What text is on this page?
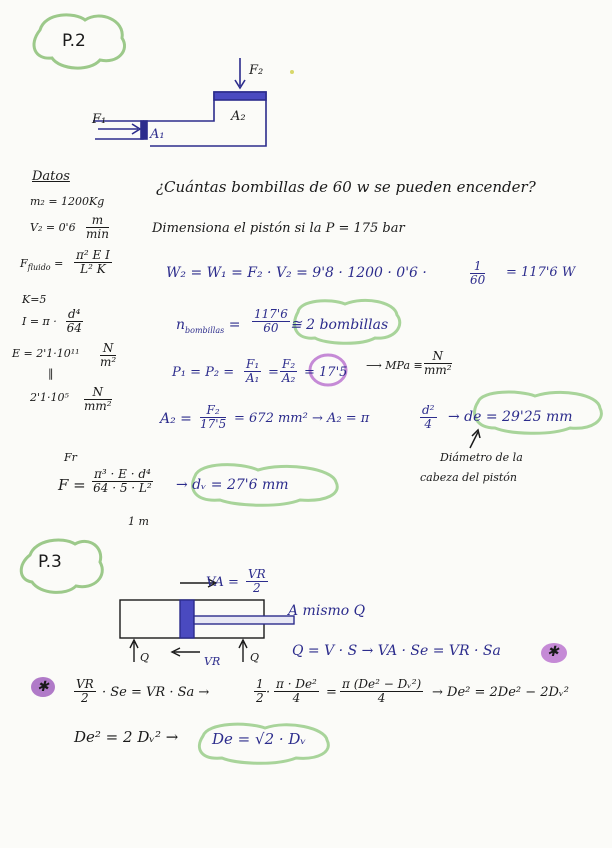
P.2
F₂
F₁
A₁
A₂
Datos
m₂ = 1200Kg
V₂ = 0'6
m
min
$F_{fluido} = \frac{\text{π² E I}}{\text{L² K}}$
K=5
$I = \pi \cdot \frac{\text{d⁴}}{64}$
$E = 2'1\cdot 10^{11} \frac{N}{\text{m²}}$
‖
$2'1\cdot 10^5 \frac{N}{\text{mm²}}$
¿Cuántas bombillas de 60 w se pueden encender?
Dimensiona el pistón si la P = 175 bar
W₂ = W₁ = F₂ · V₂ = 9'8 · 1200 · 0'6 ·	$\frac{1}{60} = 117'6$ W
$n_{bombillas} = \frac{117'6}{60}$ ≅ 2 bombillas
$P_1 = P_2 = \frac{\text{F₁}}{\text{A₁}} = \frac{\text{F₂}}{\text{A₂}} = 17'5$ ⟶ MPa ≡ $\frac{N}{\text{mm²}}$
$A_2 = \frac{\text{F₂}}{17'5} = 672$ mm² → A₂ = π	$\frac{\text{d²}}{4}$ → de = 29'25 mm
Diámetro de la
cabeza del pistón
Fr
$F = \frac{\text{π³ · E · d⁴}}{\text{64 · 5 · L²}}$ → dᵥ = 27'6 mm
1 m
P.3
VA = $\frac{VR}{2}$
VR
Q	Q
A mismo Q
Q = V · S → VA · Se = VR · Sa	✱
✱ $\frac{VR}{2} \cdot Se$ = VR · Sa →	$\frac{1}{2} \cdot \frac{\text{π · De²}}{4} = \frac{\text{π (De² − Dᵥ²)}}{4} \to De^2 = 2De^2$ − 2Dᵥ²
De² = 2 Dᵥ² → De = √2 · Dᵥ
